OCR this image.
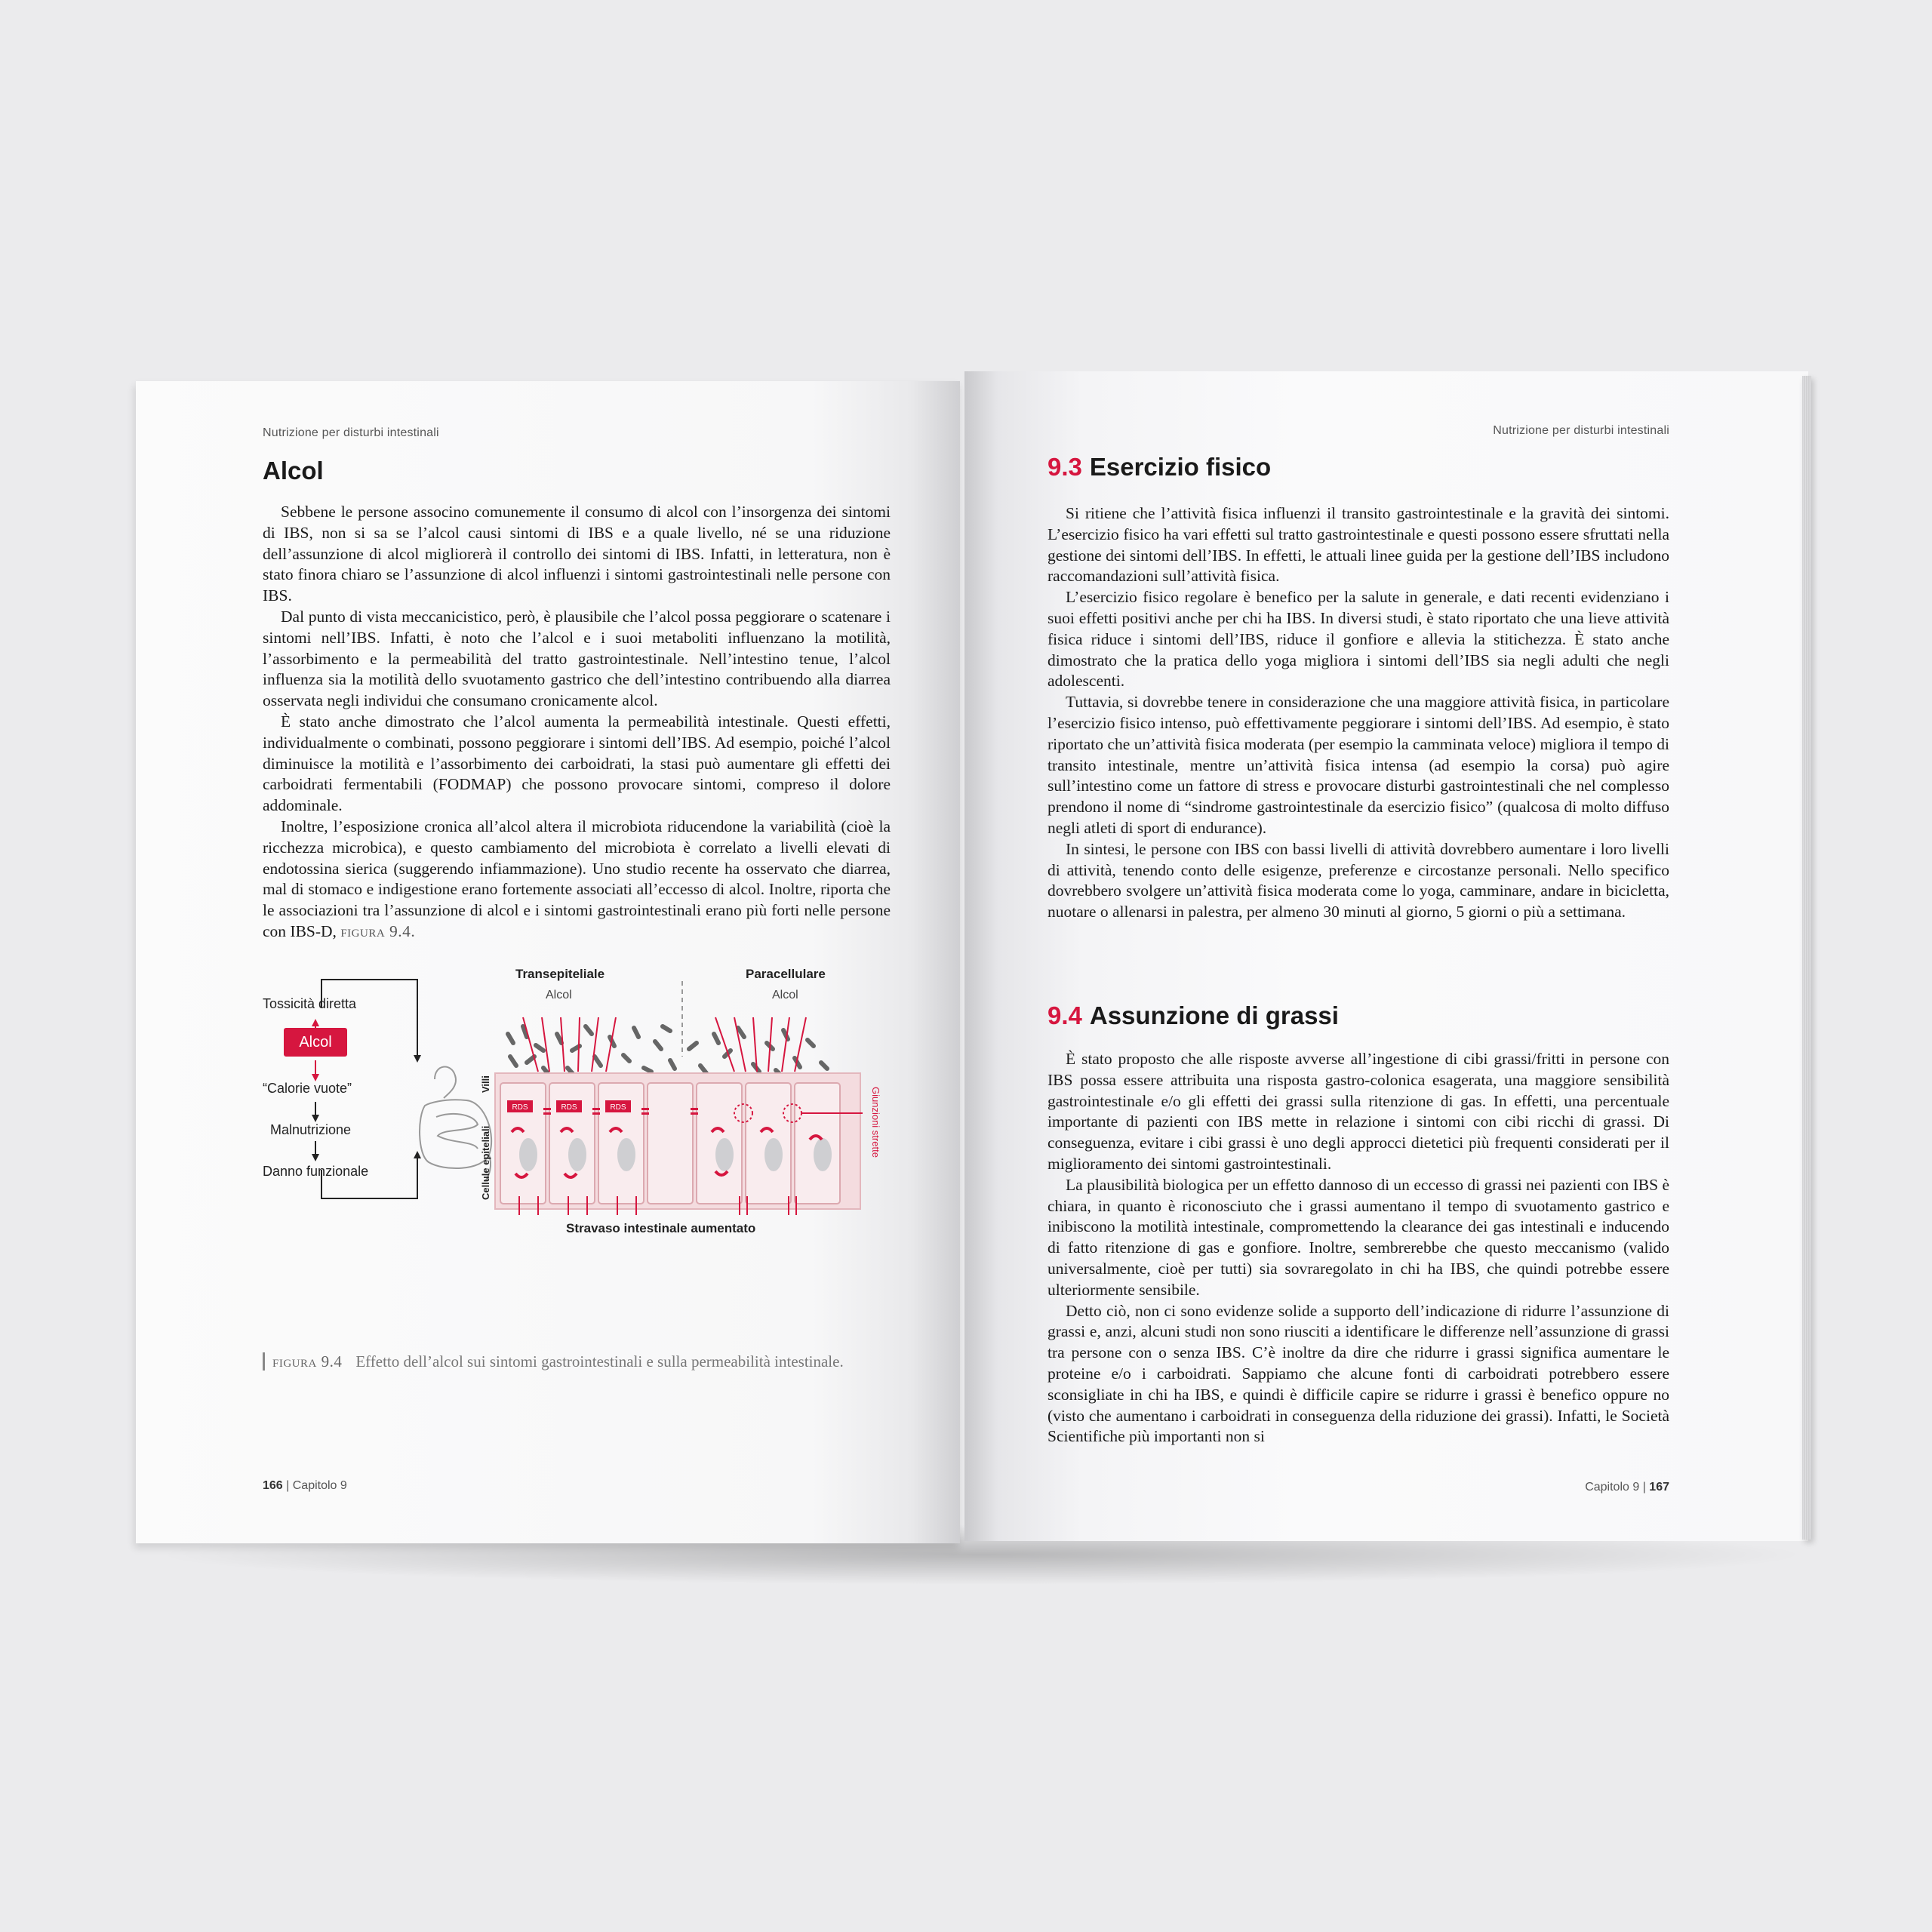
Nutrizione per disturbi intestinali
Alcol

Sebbene le persone associno comunemente il consumo di alcol con l’insorgenza dei sintomi di IBS, non si sa se l’alcol causi sintomi di IBS e a quale livello, né se una riduzione dell’assunzione di alcol migliorerà il controllo dei sintomi di IBS. Infatti, in letteratura, non è stato finora chiaro se l’assunzione di alcol influenzi i sintomi gastrointestinali nelle persone con IBS.

Dal punto di vista meccanicistico, però, è plausibile che l’alcol possa peggiorare o scatenare i sintomi nell’IBS. Infatti, è noto che l’alcol e i suoi metaboliti influenzano la motilità, l’assorbimento e la permeabilità del tratto gastrointestinale. Nell’intestino tenue, l’alcol influenza sia la motilità dello svuotamento gastrico che dell’intestino contribuendo alla diarrea osservata negli individui che consumano cronicamente alcol.

È stato anche dimostrato che l’alcol aumenta la permeabilità intestinale. Questi effetti, individualmente o combinati, possono peggiorare i sintomi dell’IBS. Ad esempio, poiché l’alcol diminuisce la motilità e l’assorbimento dei carboidrati, la stasi può aumentare gli effetti dei carboidrati fermentabili (FODMAP) che possono provocare sintomi, compreso il dolore addominale.

Inoltre, l’esposizione cronica all’alcol altera il microbiota riducendone la variabilità (cioè la ricchezza microbica), e questo cambiamento del microbiota è correlato a livelli elevati di endotossina sierica (suggerendo infiammazione). Uno studio recente ha osservato che diarrea, mal di stomaco e indigestione erano fortemente associati all’eccesso di alcol. Inoltre, riporta che le associazioni tra l’assunzione di alcol e i sintomi gastrointestinali erano più forti nelle persone con IBS-D, figura 9.4.

RDS	RDS	RDS
Villi
Cellule epiteliali
Giunzioni strette
Tossicità diretta
Alcol
“Calorie vuote”
Malnutrizione
Danno funzionale
Transepiteliale
Alcol
Paracellulare
Alcol
Stravaso intestinale aumentato
figura 9.4 Effetto dell’alcol sui sintomi gastrointestinali e sulla permeabilità intestinale.
166 | Capitolo 9
Nutrizione per disturbi intestinali
9.3 Esercizio fisico

Si ritiene che l’attività fisica influenzi il transito gastrointestinale e la gravità dei sintomi. L’esercizio fisico ha vari effetti sul tratto gastrointestinale e questi possono essere sfruttati nella gestione dei sintomi dell’IBS. In effetti, le attuali linee guida per la gestione dell’IBS includono raccomandazioni sull’attività fisica.

L’esercizio fisico regolare è benefico per la salute in generale, e dati recenti evidenziano i suoi effetti positivi anche per chi ha IBS. In diversi studi, è stato riportato che una lieve attività fisica riduce i sintomi dell’IBS, riduce il gonfiore e allevia la stitichezza. È stato anche dimostrato che la pratica dello yoga migliora i sintomi dell’IBS sia negli adulti che negli adolescenti.

Tuttavia, si dovrebbe tenere in considerazione che una maggiore attività fisica, in particolare l’esercizio fisico intenso, può effettivamente peggiorare i sintomi dell’IBS. Ad esempio, è stato riportato che un’attività fisica moderata (per esempio la camminata veloce) migliora il tempo di transito intestinale, mentre un’attività fisica intensa (ad esempio la corsa) può agire sull’intestino come un fattore di stress e provocare disturbi gastrointestinali che nel complesso prendono il nome di “sindrome gastrointestinale da esercizio fisico” (qualcosa di molto diffuso negli atleti di sport di endurance).

In sintesi, le persone con IBS con bassi livelli di attività dovrebbero aumentare i loro livelli di attività, tenendo conto delle esigenze, preferenze e circostanze personali. Nello specifico dovrebbero svolgere un’attività fisica moderata come lo yoga, camminare, andare in bicicletta, nuotare o allenarsi in palestra, per almeno 30 minuti al giorno, 5 giorni o più a settimana.

9.4 Assunzione di grassi

È stato proposto che alle risposte avverse all’ingestione di cibi grassi/fritti in persone con IBS possa essere attribuita una risposta gastro-colonica esagerata, una maggiore sensibilità gastrointestinale e/o gli effetti dei grassi sulla ritenzione di gas. In effetti, una percentuale importante di pazienti con IBS mette in relazione i sintomi con cibi ricchi di grassi. Di conseguenza, evitare i cibi grassi è uno degli approcci dietetici più frequenti considerati per il miglioramento dei sintomi gastrointestinali.

La plausibilità biologica per un effetto dannoso di un eccesso di grassi nei pazienti con IBS è chiara, in quanto è riconosciuto che i grassi aumentano il tempo di svuotamento gastrico e inibiscono la motilità intestinale, compromettendo la clearance dei gas intestinali e inducendo di fatto ritenzione di gas e gonfiore. Inoltre, sembrerebbe che questo meccanismo (valido universalmente, cioè per tutti) sia sovraregolato in chi ha IBS, che quindi potrebbe essere ulteriormente sensibile.

Detto ciò, non ci sono evidenze solide a supporto dell’indicazione di ridurre l’assunzione di grassi e, anzi, alcuni studi non sono riusciti a identificare le differenze nell’assunzione di grassi tra persone con o senza IBS. C’è inoltre da dire che ridurre i grassi significa aumentare le proteine e/o i carboidrati. Sappiamo che alcune fonti di carboidrati potrebbero essere sconsigliate in chi ha IBS, e quindi è difficile capire se ridurre i grassi è benefico oppure no (visto che aumentano i carboidrati in conseguenza della riduzione dei grassi). Infatti, le Società Scientifiche più importanti non si

Capitolo 9 | 167
